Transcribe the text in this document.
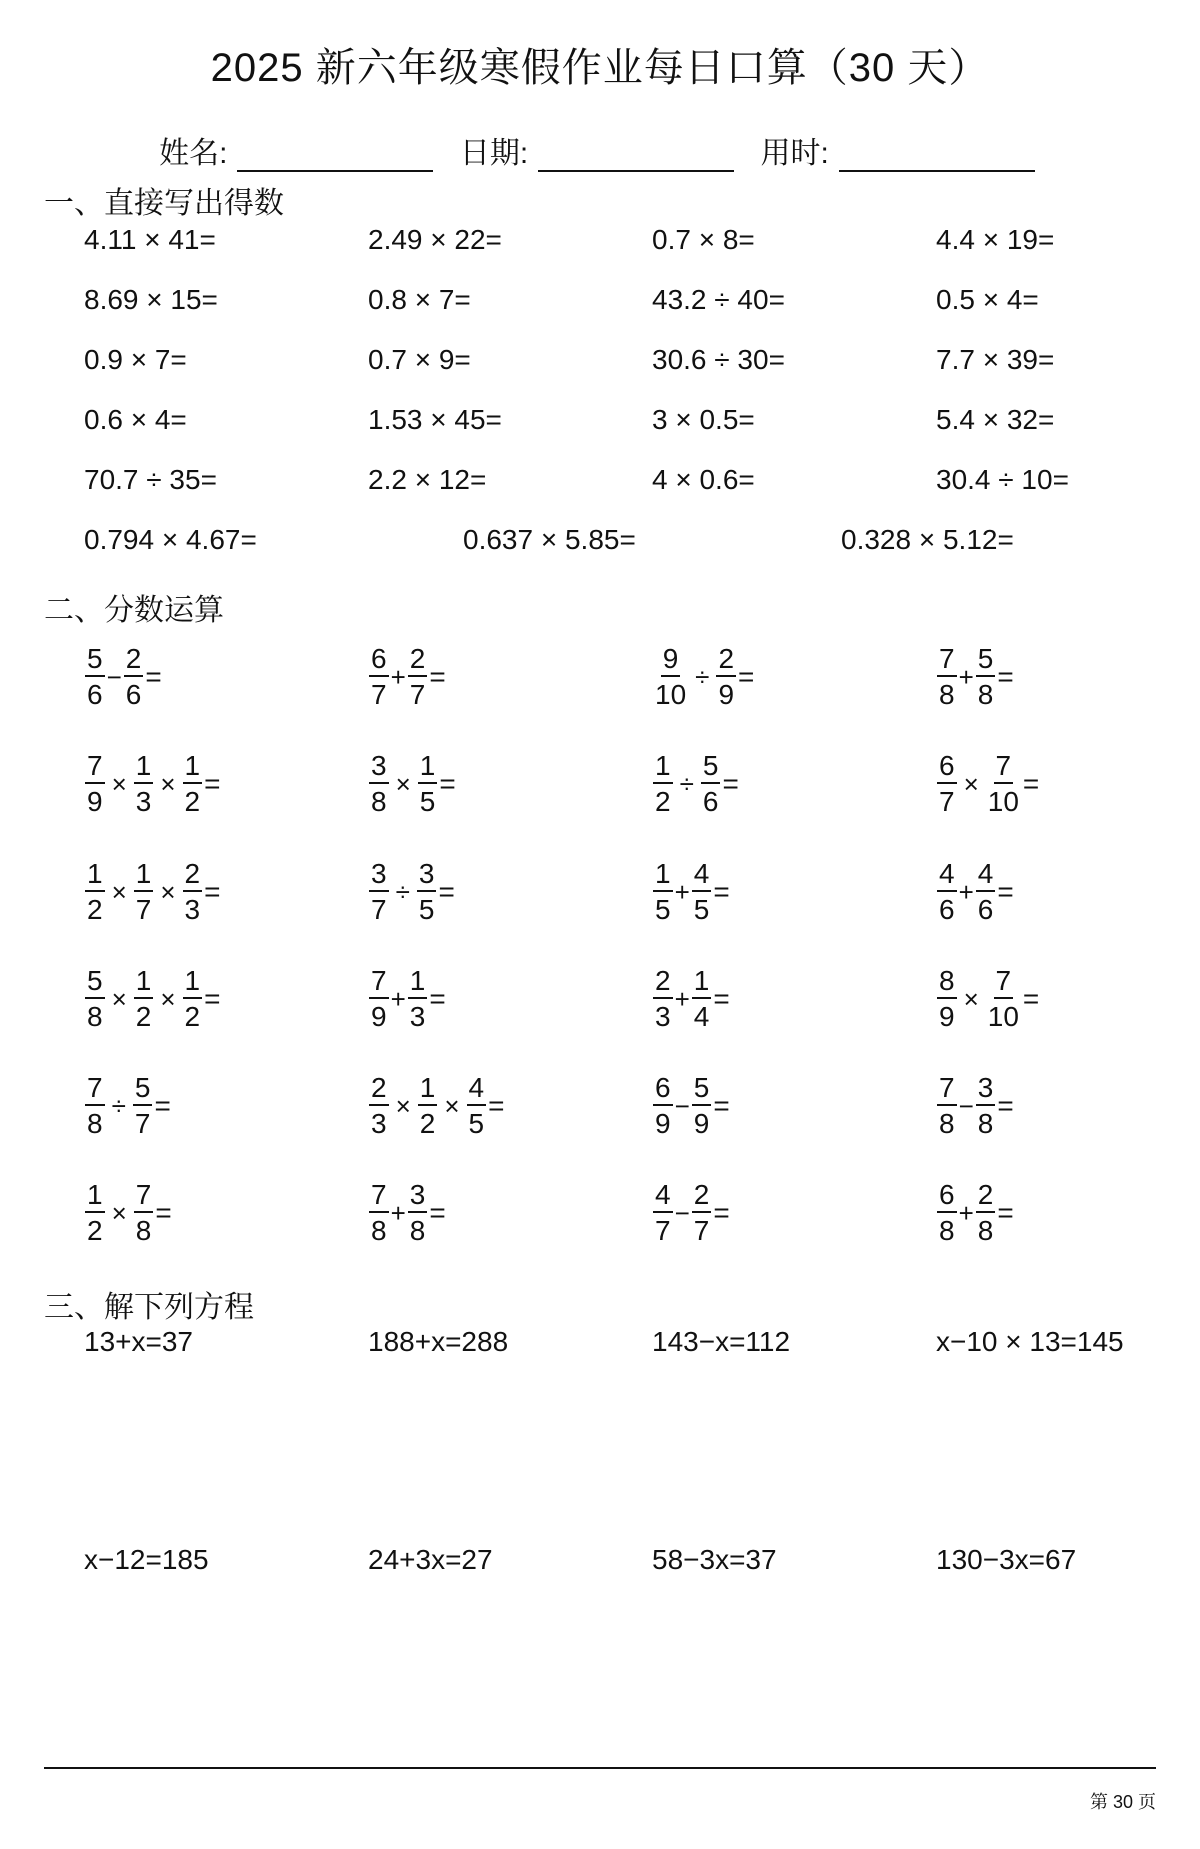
2025 新六年级寒假作业每日口算（30 天）
姓名:	日期:	用时:
一、直接写出得数
4.11 × 41=	2.49 × 22=	0.7 × 8=	4.4 × 19=
8.69 × 15=	0.8 × 7=	43.2 ÷ 40=	0.5 × 4=
0.9 × 7=	0.7 × 9=	30.6 ÷ 30=	7.7 × 39=
0.6 × 4=	1.53 × 45=	3 × 0.5=	5.4 × 32=
70.7 ÷ 35=	2.2 × 12=	4 × 0.6=	30.4 ÷ 10=
0.794 × 4.67=	0.637 × 5.85=	0.328 × 5.12=
二、分数运算
$\frac{5}{6} - \frac{2}{6}$ =	$\frac{6}{7} + \frac{2}{7}$ =	$\frac{9}{10} \div \frac{2}{9}$ =	$\frac{7}{8} + \frac{5}{8}$ =
$\frac{7}{9} \times \frac{1}{3} \times \frac{1}{2}$ =	$\frac{3}{8} \times \frac{1}{5}$ =	$\frac{1}{2} \div \frac{5}{6}$ =	$\frac{6}{7} \times \frac{7}{10}$ =
$\frac{1}{2} \times \frac{1}{7} \times \frac{2}{3}$ =	$\frac{3}{7} \div \frac{3}{5}$ =	$\frac{1}{5} + \frac{4}{5}$ =	$\frac{4}{6} + \frac{4}{6}$ =
$\frac{5}{8} \times \frac{1}{2} \times \frac{1}{2}$ =	$\frac{7}{9} + \frac{1}{3}$ =	$\frac{2}{3} + \frac{1}{4}$ =	$\frac{8}{9} \times \frac{7}{10}$ =
$\frac{7}{8} \div \frac{5}{7}$ =	$\frac{2}{3} \times \frac{1}{2} \times \frac{4}{5}$ =	$\frac{6}{9} - \frac{5}{9}$ =	$\frac{7}{8} - \frac{3}{8}$ =
$\frac{1}{2} \times \frac{7}{8}$ =	$\frac{7}{8} + \frac{3}{8}$ =	$\frac{4}{7} - \frac{2}{7}$ =	$\frac{6}{8} + \frac{2}{8}$ =
三、解下列方程
13+x=37	188+x=288	143−x=112	x−10 × 13=145
x−12=185	24+3x=27	58−3x=37	130−3x=67
第 30 页
